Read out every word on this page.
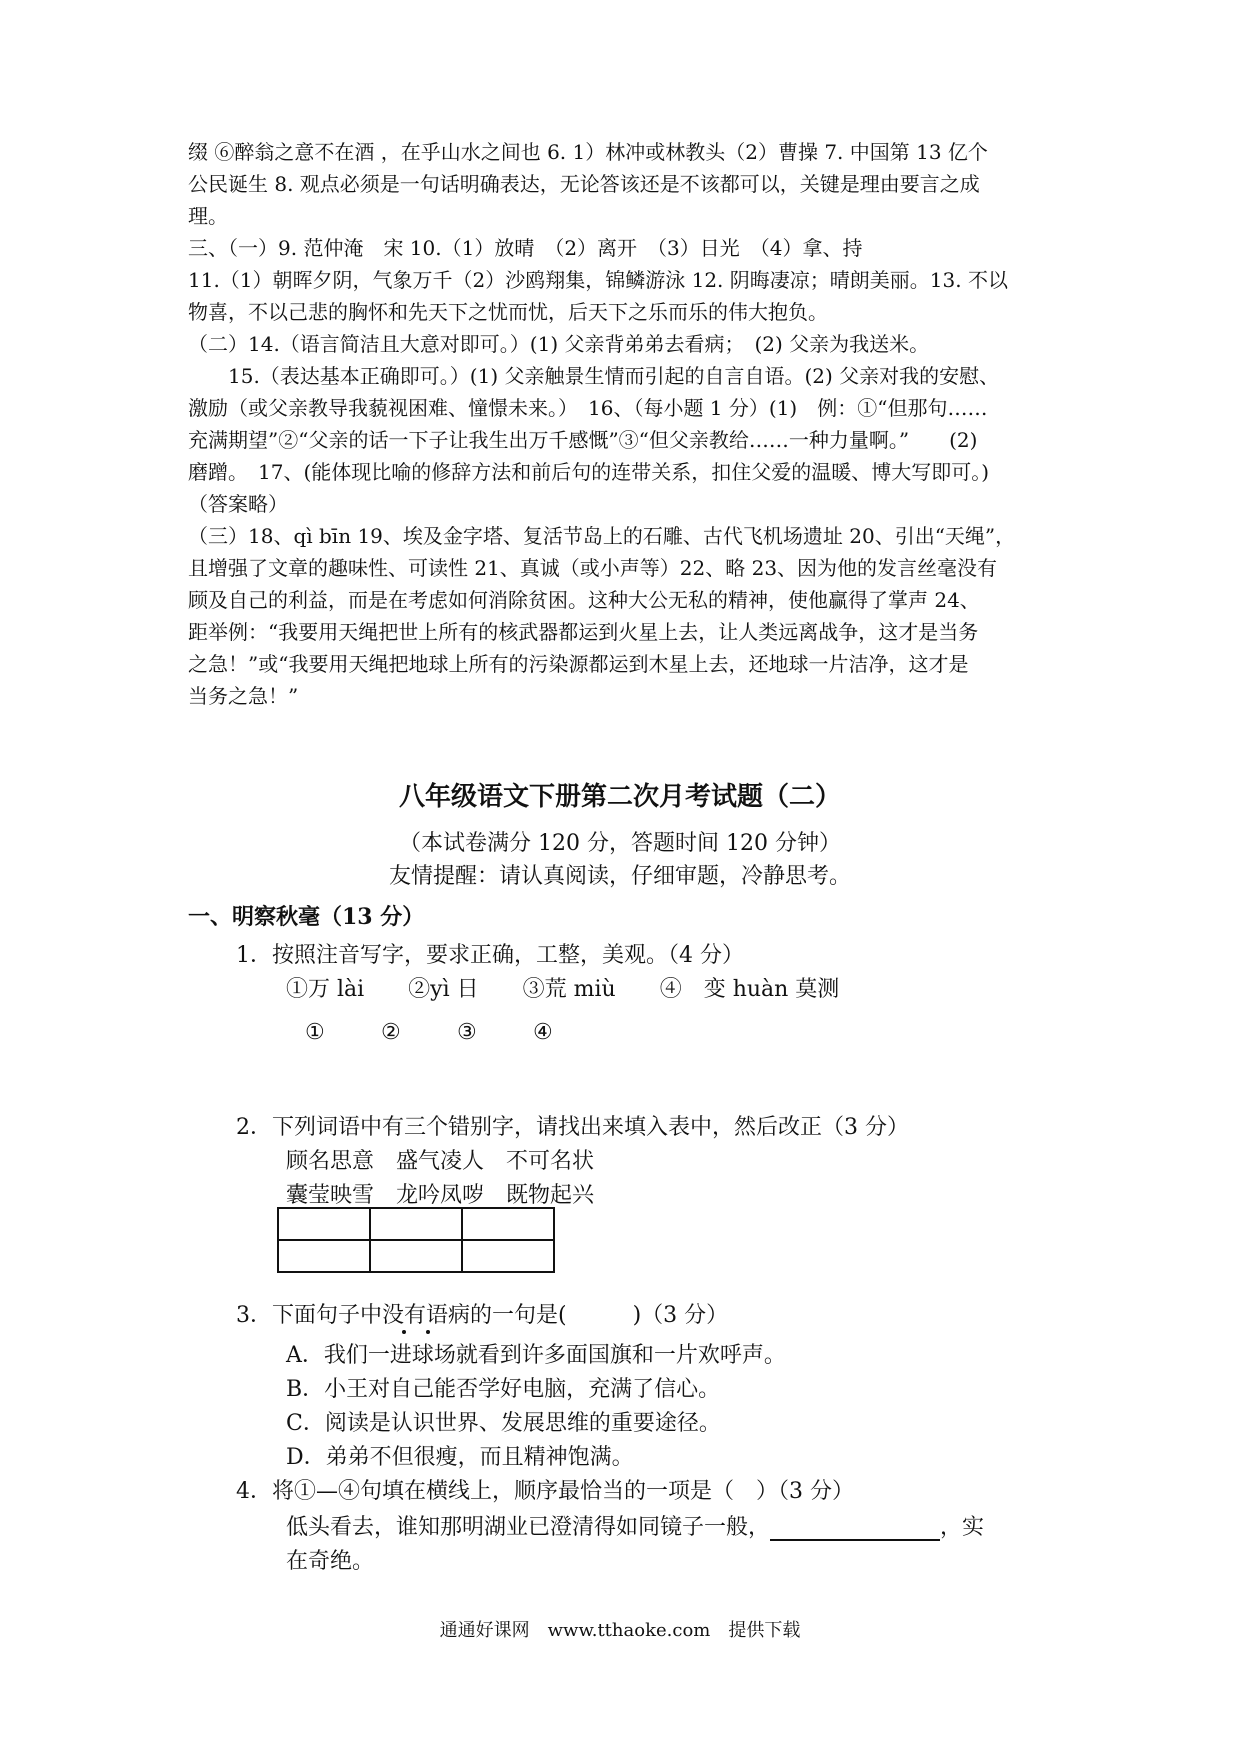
缀 ⑥醉翁之意不在酒 ，在乎山水之间也 6. 1）林冲或林教头（2）曹操 7. 中国第 13 亿个
公民诞生 8. 观点必须是一句话明确表达，无论答该还是不该都可以，关键是理由要言之成
理。
三、（一）9. 范仲淹　宋 10.（1）放晴　（2）离开　（3）日光　（4）拿、持
11.（1）朝晖夕阴，气象万千（2）沙鸥翔集，锦鳞游泳 12. 阴晦凄凉；晴朗美丽。13. 不以
物喜，不以己悲的胸怀和先天下之忧而忧，后天下之乐而乐的伟大抱负。
（二）14.（语言简洁且大意对即可。）(1) 父亲背弟弟去看病；　(2) 父亲为我送米。
　　15.（表达基本正确即可。）(1) 父亲触景生情而引起的自言自语。(2) 父亲对我的安慰、
激励（或父亲教导我藐视困难、憧憬未来。）　16、（每小题 1 分）(1)　例：①“但那句……
充满期望”②“父亲的话一下子让我生出万千感慨”③“但父亲教给……一种力量啊。”　　(2)
磨蹭。　17、(能体现比喻的修辞方法和前后句的连带关系，扣住父爱的温暖、博大写即可。)
（答案略）
（三）18、qì bīn 19、埃及金字塔、复活节岛上的石雕、古代飞机场遗址 20、引出“天绳”，
且增强了文章的趣味性、可读性 21、真诚（或小声等）22、略 23、因为他的发言丝毫没有
顾及自己的利益，而是在考虑如何消除贫困。这种大公无私的精神，使他赢得了掌声 24、
距举例：“我要用天绳把世上所有的核武器都运到火星上去，让人类远离战争，这才是当务
之急！”或“我要用天绳把地球上所有的污染源都运到木星上去，还地球一片洁净，这才是
当务之急！”
八年级语文下册第二次月考试题（二）
（本试卷满分 120 分，答题时间 120 分钟）
友情提醒：请认真阅读，仔细审题，冷静思考。
一、明察秋毫（13 分）
1．按照注音写字，要求正确，工整，美观。（4 分）
①万 lài　　②yì 日　　③荒 miù　　④　变 huàn 莫测
①	②	③	④
2．下列词语中有三个错别字，请找出来填入表中，然后改正（3 分）
顾名思意　盛气凌人　不可名状
囊莹映雪　龙吟凤哕　既物起兴

3．下面句子中没有语病的一句是(　　　)（3 分）
A．我们一进球场就看到许多面国旗和一片欢呼声。
B．小王对自己能否学好电脑，充满了信心。
C．阅读是认识世界、发展思维的重要途径。
D．弟弟不但很瘦，而且精神饱满。
4．将①—④句填在横线上，顺序最恰当的一项是（　）（3 分）
低头看去，谁知那明湖业已澄清得如同镜子一般，	，实
在奇绝。
通通好课网　www.tthaoke.com　提供下载
